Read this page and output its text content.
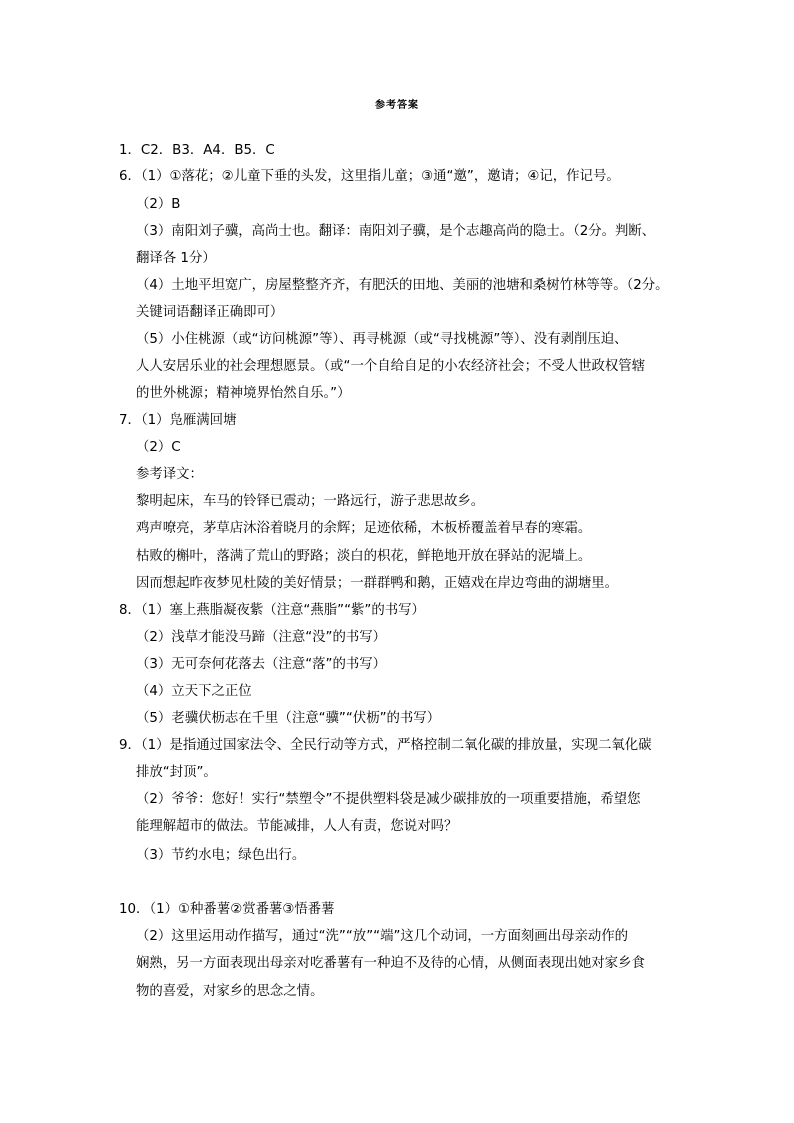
参考答案
1．C2．B3．A4．B5．C
6．（1）①落花；②儿童下垂的头发，这里指儿童；③通“邀”，邀请；④记，作记号。
（2）B
（3）南阳刘子骥，高尚士也。翻译：南阳刘子骥，是个志趣高尚的隐士。（2分。判断、
翻译各 1分）
（4）土地平坦宽广，房屋整整齐齐，有肥沃的田地、美丽的池塘和桑树竹林等等。（2分。
关键词语翻译正确即可）
（5）小住桃源（或“访问桃源”等）、再寻桃源（或“寻找桃源”等）、没有剥削压迫、
人人安居乐业的社会理想愿景。（或“一个自给自足的小农经济社会；不受人世政权管辖
的世外桃源；精神境界怡然自乐。”）
7．（1）凫雁满回塘
（2）C
参考译文：
黎明起床，车马的铃铎已震动；一路远行，游子悲思故乡。
鸡声嘹亮，茅草店沐浴着晓月的余辉；足迹依稀，木板桥覆盖着早春的寒霜。
枯败的槲叶，落满了荒山的野路；淡白的枳花，鲜艳地开放在驿站的泥墙上。
因而想起昨夜梦见杜陵的美好情景；一群群鸭和鹅，正嬉戏在岸边弯曲的湖塘里。
8．（1）塞上燕脂凝夜紫（注意“燕脂”“紫”的书写）
（2）浅草才能没马蹄（注意“没”的书写）
（3）无可奈何花落去（注意“落”的书写）
（4）立天下之正位
（5）老骥伏枥志在千里（注意“骥”“伏枥”的书写）
9．（1）是指通过国家法令、全民行动等方式，严格控制二氧化碳的排放量，实现二氧化碳
排放“封顶”。
（2）爷爷：您好！实行“禁塑令”不提供塑料袋是减少碳排放的一项重要措施，希望您
能理解超市的做法。节能减排，人人有责，您说对吗？
（3）节约水电；绿色出行。
10．（1）①种番薯②赏番薯③悟番薯
（2）这里运用动作描写，通过“洗”“放”“端”这几个动词，一方面刻画出母亲动作的
娴熟，另一方面表现出母亲对吃番薯有一种迫不及待的心情，从侧面表现出她对家乡食
物的喜爱，对家乡的思念之情。
